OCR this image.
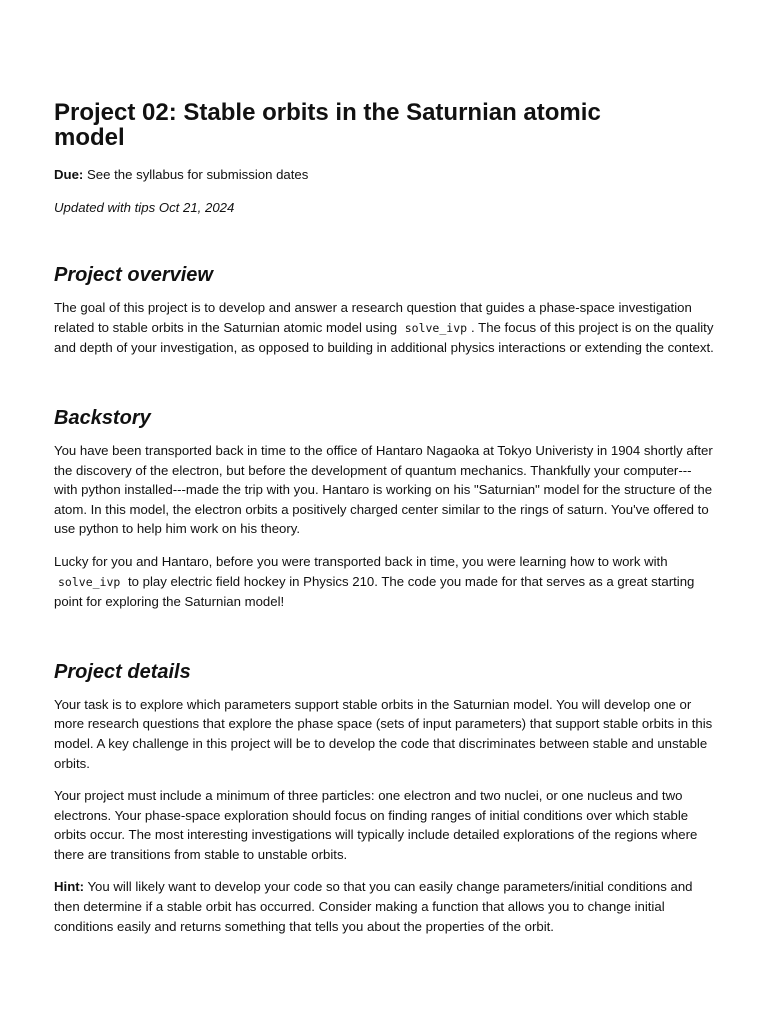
Project 02: Stable orbits in the Saturnian atomic model

Due: See the syllabus for submission dates

Updated with tips Oct 21, 2024

Project overview

The goal of this project is to develop and answer a research question that guides a phase-space investigation related to stable orbits in the Saturnian atomic model using solve_ivp . The focus of this project is on the quality and depth of your investigation, as opposed to building in additional physics interactions or extending the context.

Backstory

You have been transported back in time to the office of Hantaro Nagaoka at Tokyo Univeristy in 1904 shortly after the discovery of the electron, but before the development of quantum mechanics. Thankfully your computer---with python installed---made the trip with you. Hantaro is working on his "Saturnian" model for the structure of the atom. In this model, the electron orbits a positively charged center similar to the rings of saturn. You've offered to use python to help him work on his theory.

Lucky for you and Hantaro, before you were transported back in time, you were learning how to work with solve_ivp to play electric field hockey in Physics 210. The code you made for that serves as a great starting point for exploring the Saturnian model!

Project details

Your task is to explore which parameters support stable orbits in the Saturnian model. You will develop one or more research questions that explore the phase space (sets of input parameters) that support stable orbits in this model. A key challenge in this project will be to develop the code that discriminates between stable and unstable orbits.

Your project must include a minimum of three particles: one electron and two nuclei, or one nucleus and two electrons. Your phase-space exploration should focus on finding ranges of initial conditions over which stable orbits occur. The most interesting investigations will typically include detailed explorations of the regions where there are transitions from stable to unstable orbits.

Hint: You will likely want to develop your code so that you can easily change parameters/initial conditions and then determine if a stable orbit has occurred. Consider making a function that allows you to change initial conditions easily and returns something that tells you about the properties of the orbit.
